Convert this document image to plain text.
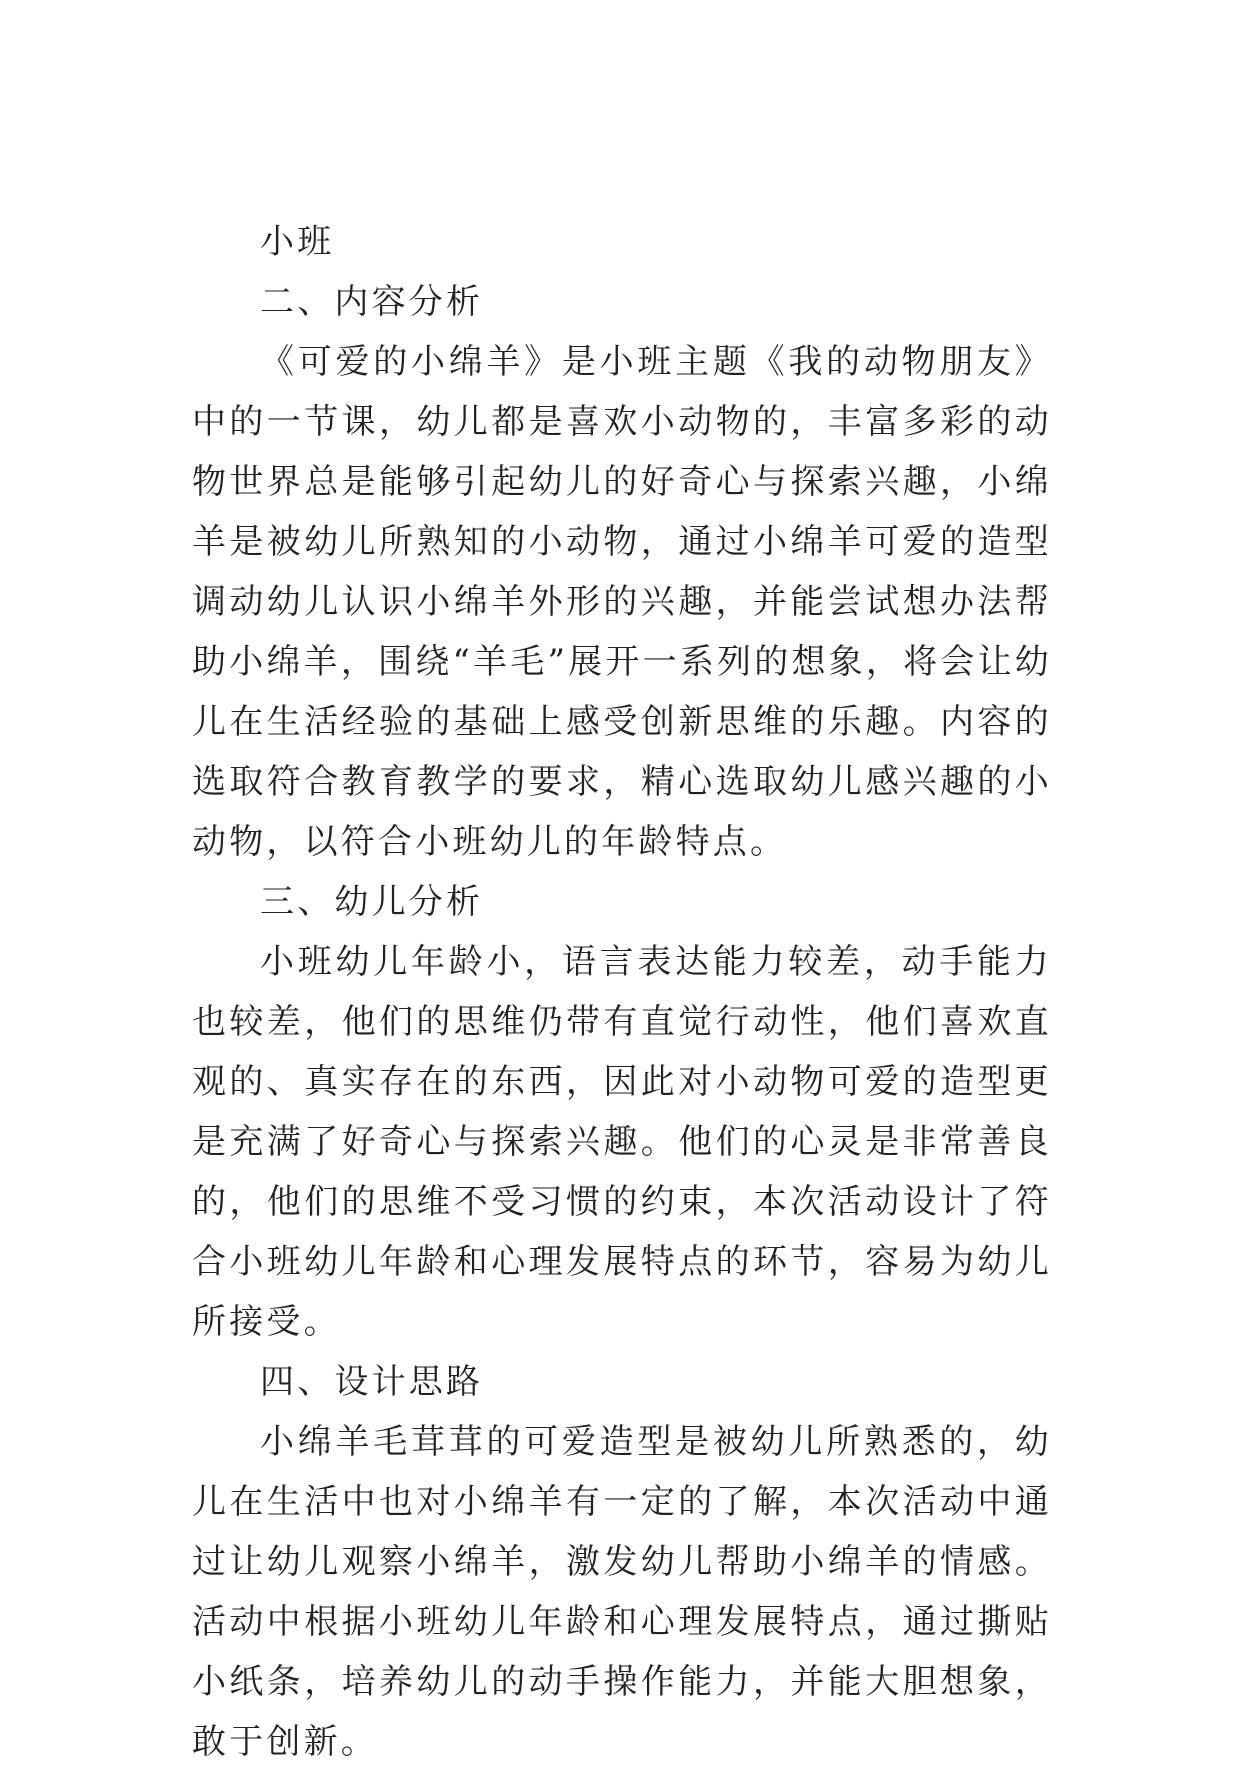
小班

二、内容分析

《可爱的小绵羊》是小班主题《我的动物朋友》中的一节课，幼儿都是喜欢小动物的，丰富多彩的动物世界总是能够引起幼儿的好奇心与探索兴趣，小绵羊是被幼儿所熟知的小动物，通过小绵羊可爱的造型调动幼儿认识小绵羊外形的兴趣，并能尝试想办法帮助小绵羊，围绕“羊毛”展开一系列的想象，将会让幼儿在生活经验的基础上感受创新思维的乐趣。内容的选取符合教育教学的要求，精心选取幼儿感兴趣的小动物，以符合小班幼儿的年龄特点。

三、幼儿分析

小班幼儿年龄小，语言表达能力较差，动手能力也较差，他们的思维仍带有直觉行动性，他们喜欢直观的、真实存在的东西，因此对小动物可爱的造型更是充满了好奇心与探索兴趣。他们的心灵是非常善良的，他们的思维不受习惯的约束，本次活动设计了符合小班幼儿年龄和心理发展特点的环节，容易为幼儿所接受。

四、设计思路

小绵羊毛茸茸的可爱造型是被幼儿所熟悉的，幼儿在生活中也对小绵羊有一定的了解，本次活动中通过让幼儿观察小绵羊，激发幼儿帮助小绵羊的情感。活动中根据小班幼儿年龄和心理发展特点，通过撕贴小纸条，培养幼儿的动手操作能力，并能大胆想象，敢于创新。
